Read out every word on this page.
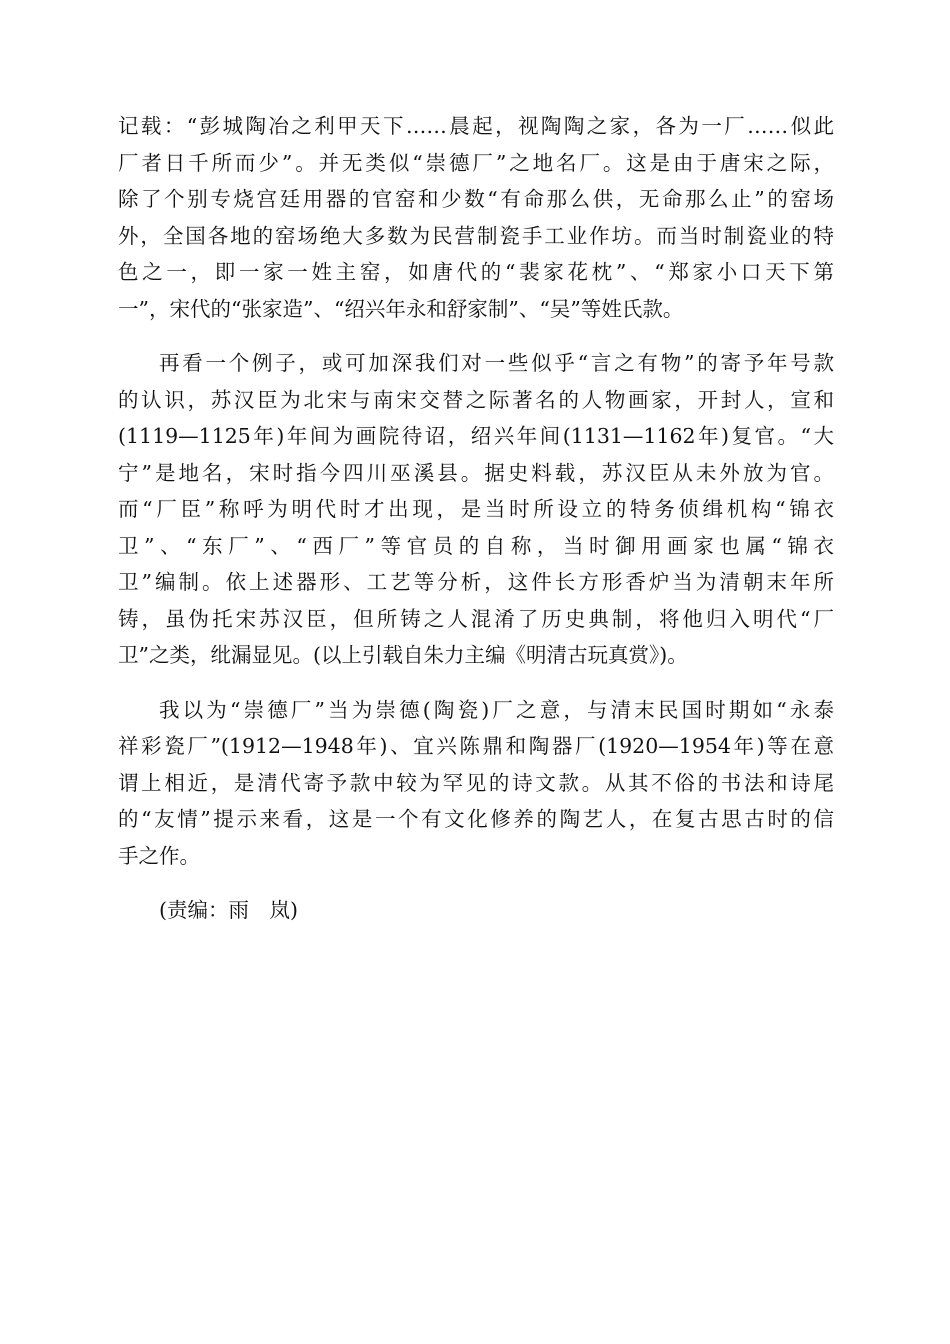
记载：“彭城陶冶之利甲天下……晨起，视陶陶之家，各为一厂……似此
厂者日千所而少”。并无类似“崇德厂”之地名厂。这是由于唐宋之际，
除了个别专烧宫廷用器的官窑和少数“有命那么供，无命那么止”的窑场
外，全国各地的窑场绝大多数为民营制瓷手工业作坊。而当时制瓷业的特
色之一，即一家一姓主窑，如唐代的“裴家花枕”、“郑家小口天下第
一”，宋代的“张家造”、“绍兴年永和舒家制”、“吴”等姓氏款。
再看一个例子，或可加深我们对一些似乎“言之有物”的寄予年号款
的认识，苏汉臣为北宋与南宋交替之际著名的人物画家，开封人，宣和
(1119—1125年)年间为画院待诏，绍兴年间(1131—1162年)复官。“大
宁”是地名，宋时指今四川巫溪县。据史料载，苏汉臣从未外放为官。
而“厂臣”称呼为明代时才出现，是当时所设立的特务侦缉机构“锦衣
卫”、“东厂”、“西厂”等官员的自称，当时御用画家也属“锦衣
卫”编制。依上述器形、工艺等分析，这件长方形香炉当为清朝末年所
铸，虽伪托宋苏汉臣，但所铸之人混淆了历史典制，将他归入明代“厂
卫”之类，纰漏显见。(以上引载自朱力主编《明清古玩真赏》)。
我以为“崇德厂”当为崇德(陶瓷)厂之意，与清末民国时期如“永泰
祥彩瓷厂”(1912—1948年)、宜兴陈鼎和陶器厂(1920—1954年)等在意
谓上相近，是清代寄予款中较为罕见的诗文款。从其不俗的书法和诗尾
的“友情”提示来看，这是一个有文化修养的陶艺人，在复古思古时的信
手之作。
(责编：雨　岚)
